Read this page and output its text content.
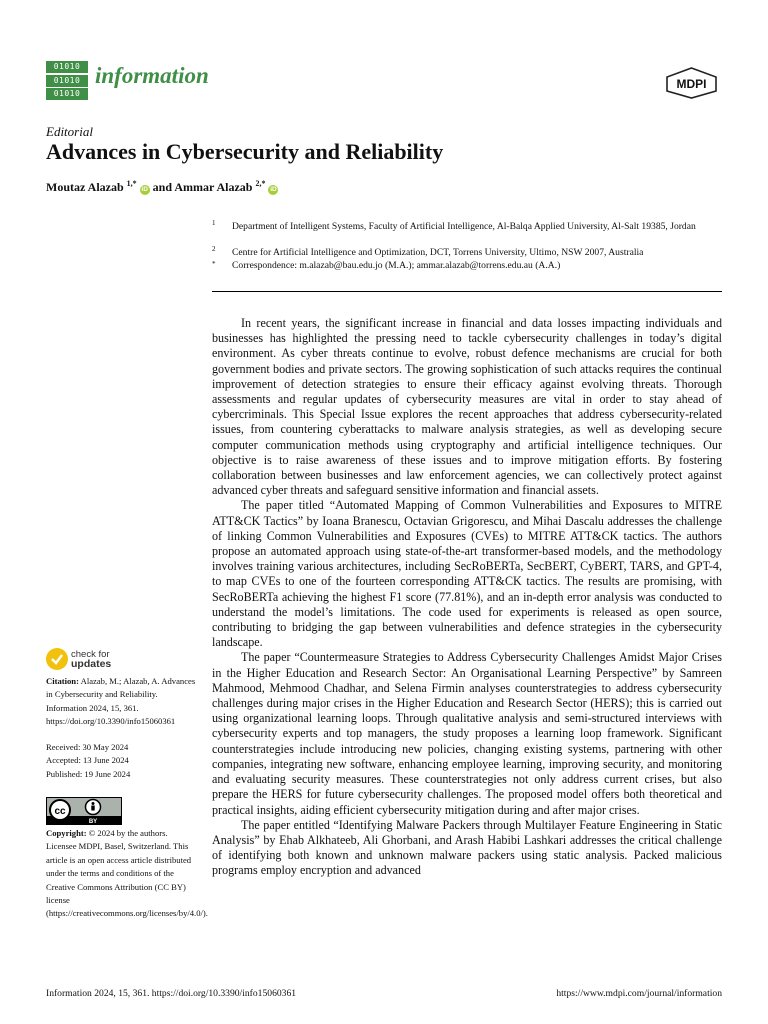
01010
01010
01010
information	MDPI
Editorial
Advances in Cybersecurity and Reliability
Moutaz Alazab $^{1,*}$ iD and Ammar Alazab $^{2,*}$ iD
1 Department of Intelligent Systems, Faculty of Artificial Intelligence, Al-Balqa Applied University, Al-Salt 19385, Jordan
2 Centre for Artificial Intelligence and Optimization, DCT, Torrens University, Ultimo, NSW 2007, Australia
* Correspondence: m.alazab@bau.edu.jo (M.A.); ammar.alazab@torrens.edu.au (A.A.)

In recent years, the significant increase in financial and data losses impacting individuals and businesses has highlighted the pressing need to tackle cybersecurity challenges in today’s digital environment. As cyber threats continue to evolve, robust defence mechanisms are crucial for both government bodies and private sectors. The growing sophistication of such attacks requires the continual improvement of detection strategies to ensure their efficacy against evolving threats. Thorough assessments and regular updates of cybersecurity measures are vital in order to stay ahead of cybercriminals. This Special Issue explores the recent approaches that address cybersecurity-related issues, from countering cyberattacks to malware analysis strategies, as well as developing secure computer communication methods using cryptography and artificial intelligence techniques. Our objective is to raise awareness of these issues and to improve mitigation efforts. By fostering collaboration between businesses and law enforcement agencies, we can collectively protect against advanced cyber threats and safeguard sensitive information and financial assets.

The paper titled “Automated Mapping of Common Vulnerabilities and Exposures to MITRE ATT&CK Tactics” by Ioana Branescu, Octavian Grigorescu, and Mihai Dascalu addresses the challenge of linking Common Vulnerabilities and Exposures (CVEs) to MITRE ATT&CK tactics. The authors propose an automated approach using state-of-the-art transformer-based models, and the methodology involves training various architectures, including SecRoBERTa, SecBERT, CyBERT, TARS, and GPT-4, to map CVEs to one of the fourteen corresponding ATT&CK tactics. The results are promising, with SecRoBERTa achieving the highest F1 score (77.81%), and an in-depth error analysis was conducted to understand the model’s limitations. The code used for experiments is released as open source, contributing to bridging the gap between vulnerabilities and defence strategies in the cybersecurity landscape.

The paper “Countermeasure Strategies to Address Cybersecurity Challenges Amidst Major Crises in the Higher Education and Research Sector: An Organisational Learning Perspective” by Samreen Mahmood, Mehmood Chadhar, and Selena Firmin analyses counterstrategies to address cybersecurity challenges during major crises in the Higher Education and Research Sector (HERS); this is carried out using organizational learning loops. Through qualitative analysis and semi-structured interviews with cybersecurity experts and top managers, the study proposes a learning loop framework. Significant counterstrategies include introducing new policies, changing existing systems, partnering with other companies, integrating new software, enhancing employee learning, improving security, and monitoring and evaluating security measures. These counterstrategies not only address current crises, but also prepare the HERS for future cybersecurity challenges. The proposed model offers both theoretical and practical insights, aiding efficient cybersecurity mitigation during and after major crises.

The paper entitled “Identifying Malware Packers through Multilayer Feature Engineering in Static Analysis” by Ehab Alkhateeb, Ali Ghorbani, and Arash Habibi Lashkari addresses the critical challenge of identifying both known and unknown malware packers using static analysis. Packed malicious programs employ encryption and advanced

check for
updates
Citation: Alazab, M.; Alazab, A. Advances in Cybersecurity and Reliability. Information 2024, 15, 361. https://doi.org/10.3390/info15060361
Received: 30 May 2024
Accepted: 13 June 2024
Published: 19 June 2024
cc
BY
Copyright: © 2024 by the authors. Licensee MDPI, Basel, Switzerland. This article is an open access article distributed under the terms and conditions of the Creative Commons Attribution (CC BY) license (https://creativecommons.org/licenses/by/4.0/).
Information 2024, 15, 361. https://doi.org/10.3390/info15060361	https://www.mdpi.com/journal/information
